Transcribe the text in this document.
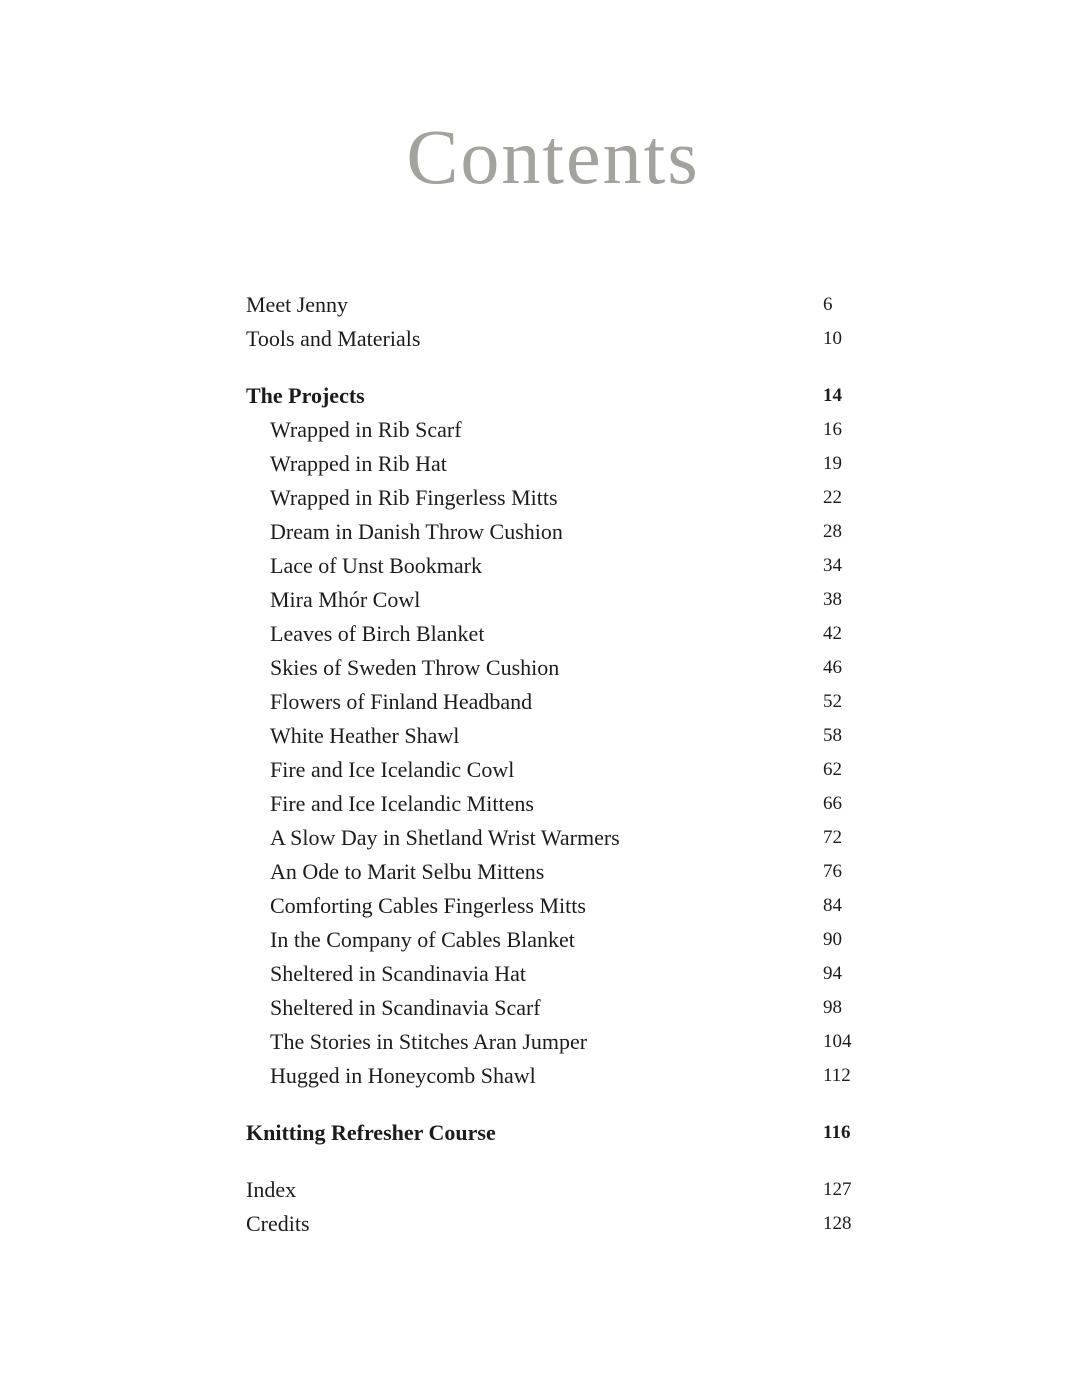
Contents
Meet Jenny	6
Tools and Materials	10
The Projects	14
Wrapped in Rib Scarf	16
Wrapped in Rib Hat	19
Wrapped in Rib Fingerless Mitts	22
Dream in Danish Throw Cushion	28
Lace of Unst Bookmark	34
Mira Mhór Cowl	38
Leaves of Birch Blanket	42
Skies of Sweden Throw Cushion	46
Flowers of Finland Headband	52
White Heather Shawl	58
Fire and Ice Icelandic Cowl	62
Fire and Ice Icelandic Mittens	66
A Slow Day in Shetland Wrist Warmers	72
An Ode to Marit Selbu Mittens	76
Comforting Cables Fingerless Mitts	84
In the Company of Cables Blanket	90
Sheltered in Scandinavia Hat	94
Sheltered in Scandinavia Scarf	98
The Stories in Stitches Aran Jumper	104
Hugged in Honeycomb Shawl	112
Knitting Refresher Course	116
Index	127
Credits	128
